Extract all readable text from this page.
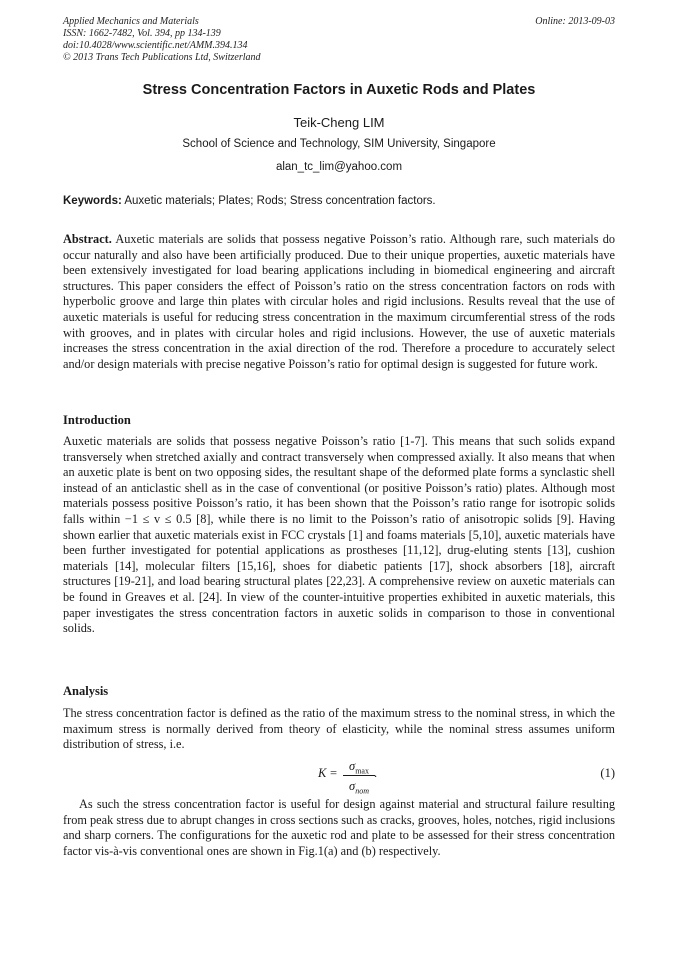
Applied Mechanics and Materials
ISSN: 1662-7482, Vol. 394, pp 134-139
doi:10.4028/www.scientific.net/AMM.394.134
© 2013 Trans Tech Publications Ltd, Switzerland
Online: 2013-09-03
Stress Concentration Factors in Auxetic Rods and Plates
Teik-Cheng LIM
School of Science and Technology, SIM University, Singapore
alan_tc_lim@yahoo.com
Keywords: Auxetic materials; Plates; Rods; Stress concentration factors.

Abstract. Auxetic materials are solids that possess negative Poisson’s ratio. Although rare, such materials do occur naturally and also have been artificially produced. Due to their unique properties, auxetic materials have been extensively investigated for load bearing applications including in biomedical engineering and aircraft structures. This paper considers the effect of Poisson’s ratio on the stress concentration factors on rods with hyperbolic groove and large thin plates with circular holes and rigid inclusions. Results reveal that the use of auxetic materials is useful for reducing stress concentration in the maximum circumferential stress of the rods with grooves, and in plates with circular holes and rigid inclusions. However, the use of auxetic materials increases the stress concentration in the axial direction of the rod. Therefore a procedure to accurately select and/or design materials with precise negative Poisson’s ratio for optimal design is suggested for future work.

Introduction

Auxetic materials are solids that possess negative Poisson’s ratio [1-7]. This means that such solids expand transversely when stretched axially and contract transversely when compressed axially. It also means that when an auxetic plate is bent on two opposing sides, the resultant shape of the deformed plate forms a synclastic shell instead of an anticlastic shell as in the case of conventional (or positive Poisson’s ratio) plates. Although most materials possess positive Poisson’s ratio, it has been shown that the Poisson’s ratio range for isotropic solids falls within −1 ≤ v ≤ 0.5 [8], while there is no limit to the Poisson’s ratio of anisotropic solids [9]. Having shown earlier that auxetic materials exist in FCC crystals [1] and foams materials [5,10], auxetic materials have been further investigated for potential applications as prostheses [11,12], drug-eluting stents [13], cushion materials [14], molecular filters [15,16], shoes for diabetic patients [17], shock absorbers [18], aircraft structures [19-21], and load bearing structural plates [22,23]. A comprehensive review on auxetic materials can be found in Greaves et al. [24]. In view of the counter-intuitive properties exhibited in auxetic materials, this paper investigates the stress concentration factors in auxetic solids in comparison to those in conventional solids.

Analysis

The stress concentration factor is defined as the ratio of the maximum stress to the nominal stress, in which the maximum stress is normally derived from theory of elasticity, while the nominal stress assumes uniform distribution of stress, i.e.

$K = \sigma_{max}$
$\sigma_{nom}$
.	(1)

As such the stress concentration factor is useful for design against material and structural failure resulting from peak stress due to abrupt changes in cross sections such as cracks, grooves, holes, notches, rigid inclusions and sharp corners. The configurations for the auxetic rod and plate to be assessed for their stress concentration factor vis-à-vis conventional ones are shown in Fig.1(a) and (b) respectively.
